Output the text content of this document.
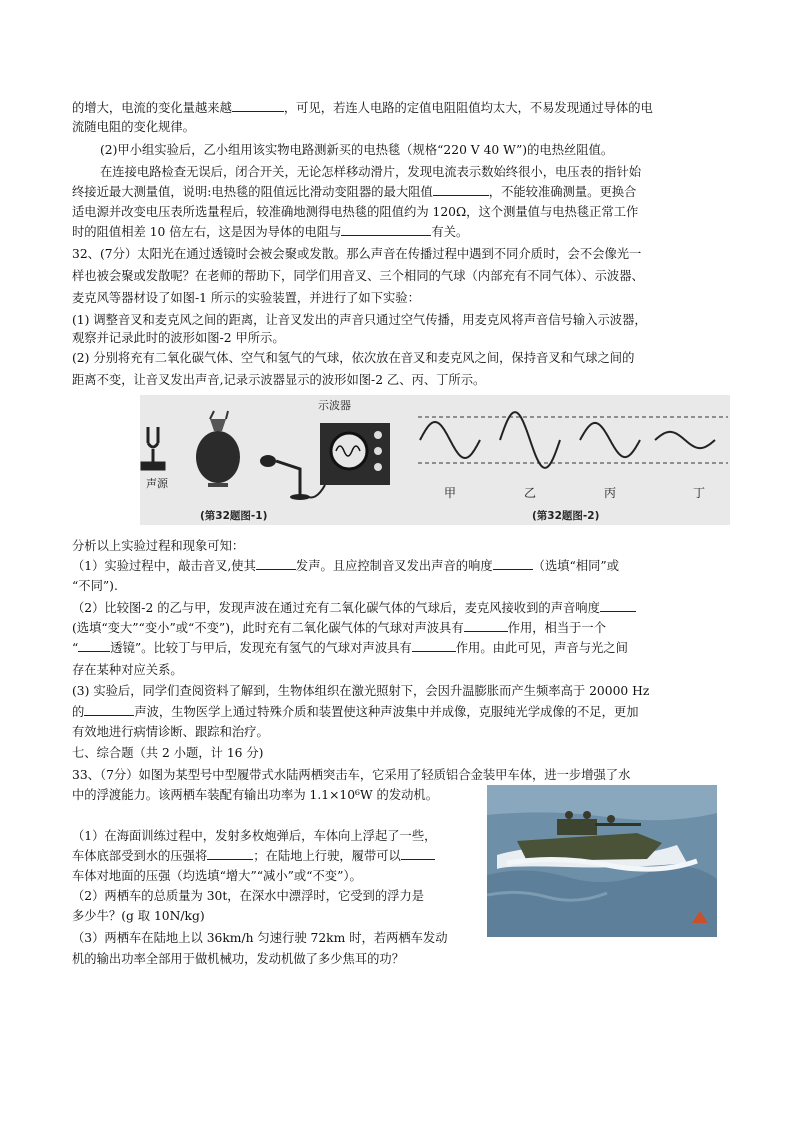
的增大，电流的变化量越来越	，可见，若连人电路的定值电阻阻值均太大，不易发现通过导体的电
流随电阻的变化规律。
(2)甲小组实验后，乙小组用该实物电路测新买的电热毯（规格“220 V 40 W”)的电热丝阻值。
在连接电路检查无误后，闭合开关，无论怎样移动滑片，发现电流表示数始终很小，电压表的指针始
终接近最大测量值，说明:电热毯的阻值远比滑动变阻器的最大阻值	，不能较准确测量。更换合
适电源并改变电压表所选量程后，较准确地测得电热毯的阻值约为 120Ω，这个测量值与电热毯正常工作
时的阻值相差 10 倍左右，这是因为导体的电阻与	有关。
32、(7分）太阳光在通过透镜时会被会聚或发散。那么声音在传播过程中遇到不同介质时，会不会像光一
样也被会聚或发散呢？在老师的帮助下，同学们用音叉、三个相同的气球（内部充有不同气体）、示波器、
麦克风等器材设了如图-1 所示的实验装置，并进行了如下实验：
(1) 调整音叉和麦克风之间的距离，让音叉发出的声音只通过空气传播，用麦克风将声音信号输入示波器，
观察并记录此时的波形如图-2 甲所示。
(2) 分别将充有二氧化碳气体、空气和氢气的气球，依次放在音叉和麦克风之间，保持音叉和气球之间的
距离不变，让音叉发出声音,记录示波器显示的波形如图-2 乙、丙、丁所示。
分析以上实验过程和现象可知：
（1）实验过程中，敲击音叉,使其	发声。且应控制音叉发出声音的响度	（选填“相同”或
“不同”).
（2）比较图-2 的乙与甲，发现声波在通过充有二氧化碳气体的气球后，麦克风接收到的声音响度
(选填“变大”“变小”或“不变”)，此时充有二氧化碳气体的气球对声波具有	作用，相当于一个
“	透镜”。比较丁与甲后，发现充有氢气的气球对声波具有	作用。由此可见，声音与光之间
存在某种对应关系。
(3) 实验后，同学们查阅资料了解到，生物体组织在激光照射下，会因升温膨胀而产生频率高于 20000 Hz
的	声波，生物医学上通过特殊介质和装置使这种声波集中并成像，克服纯光学成像的不足，更加
有效地进行病情诊断、跟踪和治疗。
七、综合题（共 2 小题，计 16 分)
33、（7分）如图为某型号中型履带式水陆两栖突击车，它采用了轻质铝合金装甲车体，进一步增强了水
中的浮渡能力。该两栖车装配有输出功率为 1.1×10⁶W 的发动机。
（1）在海面训练过程中，发射多枚炮弹后，车体向上浮起了一些，
车体底部受到水的压强将	；在陆地上行驶，履带可以
车体对地面的压强（均选填“增大”“减小”或“不变”）。
（2）两栖车的总质量为 30t，在深水中漂浮时，它受到的浮力是
多少牛？(g 取 10N/kg)
（3）两栖车在陆地上以 36km/h 匀速行驶 72km 时，若两栖车发动
机的输出功率全部用于做机械功，发动机做了多少焦耳的功？
声源
示波器
(第32题图-1)
甲	乙	丙	丁
(第32题图-2)
